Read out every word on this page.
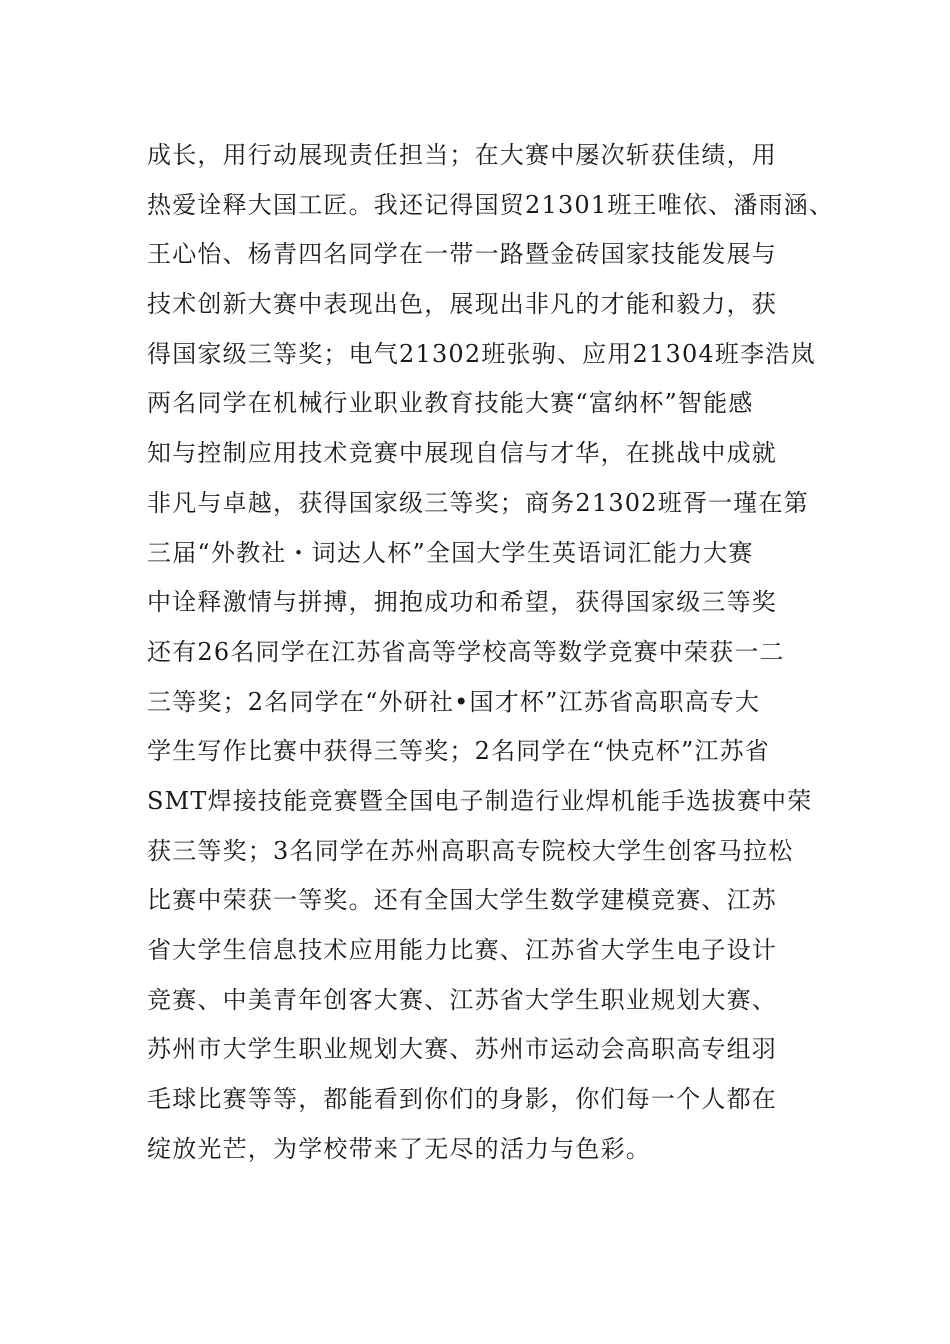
成长，用行动展现责任担当；在大赛中屡次斩获佳绩，用
热爱诠释大国工匠。我还记得国贸21301班王唯依、潘雨涵、
王心怡、杨青四名同学在一带一路暨金砖国家技能发展与
技术创新大赛中表现出色，展现出非凡的才能和毅力，获
得国家级三等奖；电气21302班张驹、应用21304班李浩岚
两名同学在机械行业职业教育技能大赛“富纳杯”智能感
知与控制应用技术竞赛中展现自信与才华，在挑战中成就
非凡与卓越，获得国家级三等奖；商务21302班胥一瑾在第
三届“外教社・词达人杯”全国大学生英语词汇能力大赛
中诠释激情与拼搏，拥抱成功和希望，获得国家级三等奖
还有26名同学在江苏省高等学校高等数学竞赛中荣获一二
三等奖；2名同学在“外研社•国才杯”江苏省高职高专大
学生写作比赛中获得三等奖；2名同学在“快克杯”江苏省
SMT焊接技能竞赛暨全国电子制造行业焊机能手选拔赛中荣
获三等奖；3名同学在苏州高职高专院校大学生创客马拉松
比赛中荣获一等奖。还有全国大学生数学建模竞赛、江苏
省大学生信息技术应用能力比赛、江苏省大学生电子设计
竞赛、中美青年创客大赛、江苏省大学生职业规划大赛、
苏州市大学生职业规划大赛、苏州市运动会高职高专组羽
毛球比赛等等，都能看到你们的身影，你们每一个人都在
绽放光芒，为学校带来了无尽的活力与色彩。
